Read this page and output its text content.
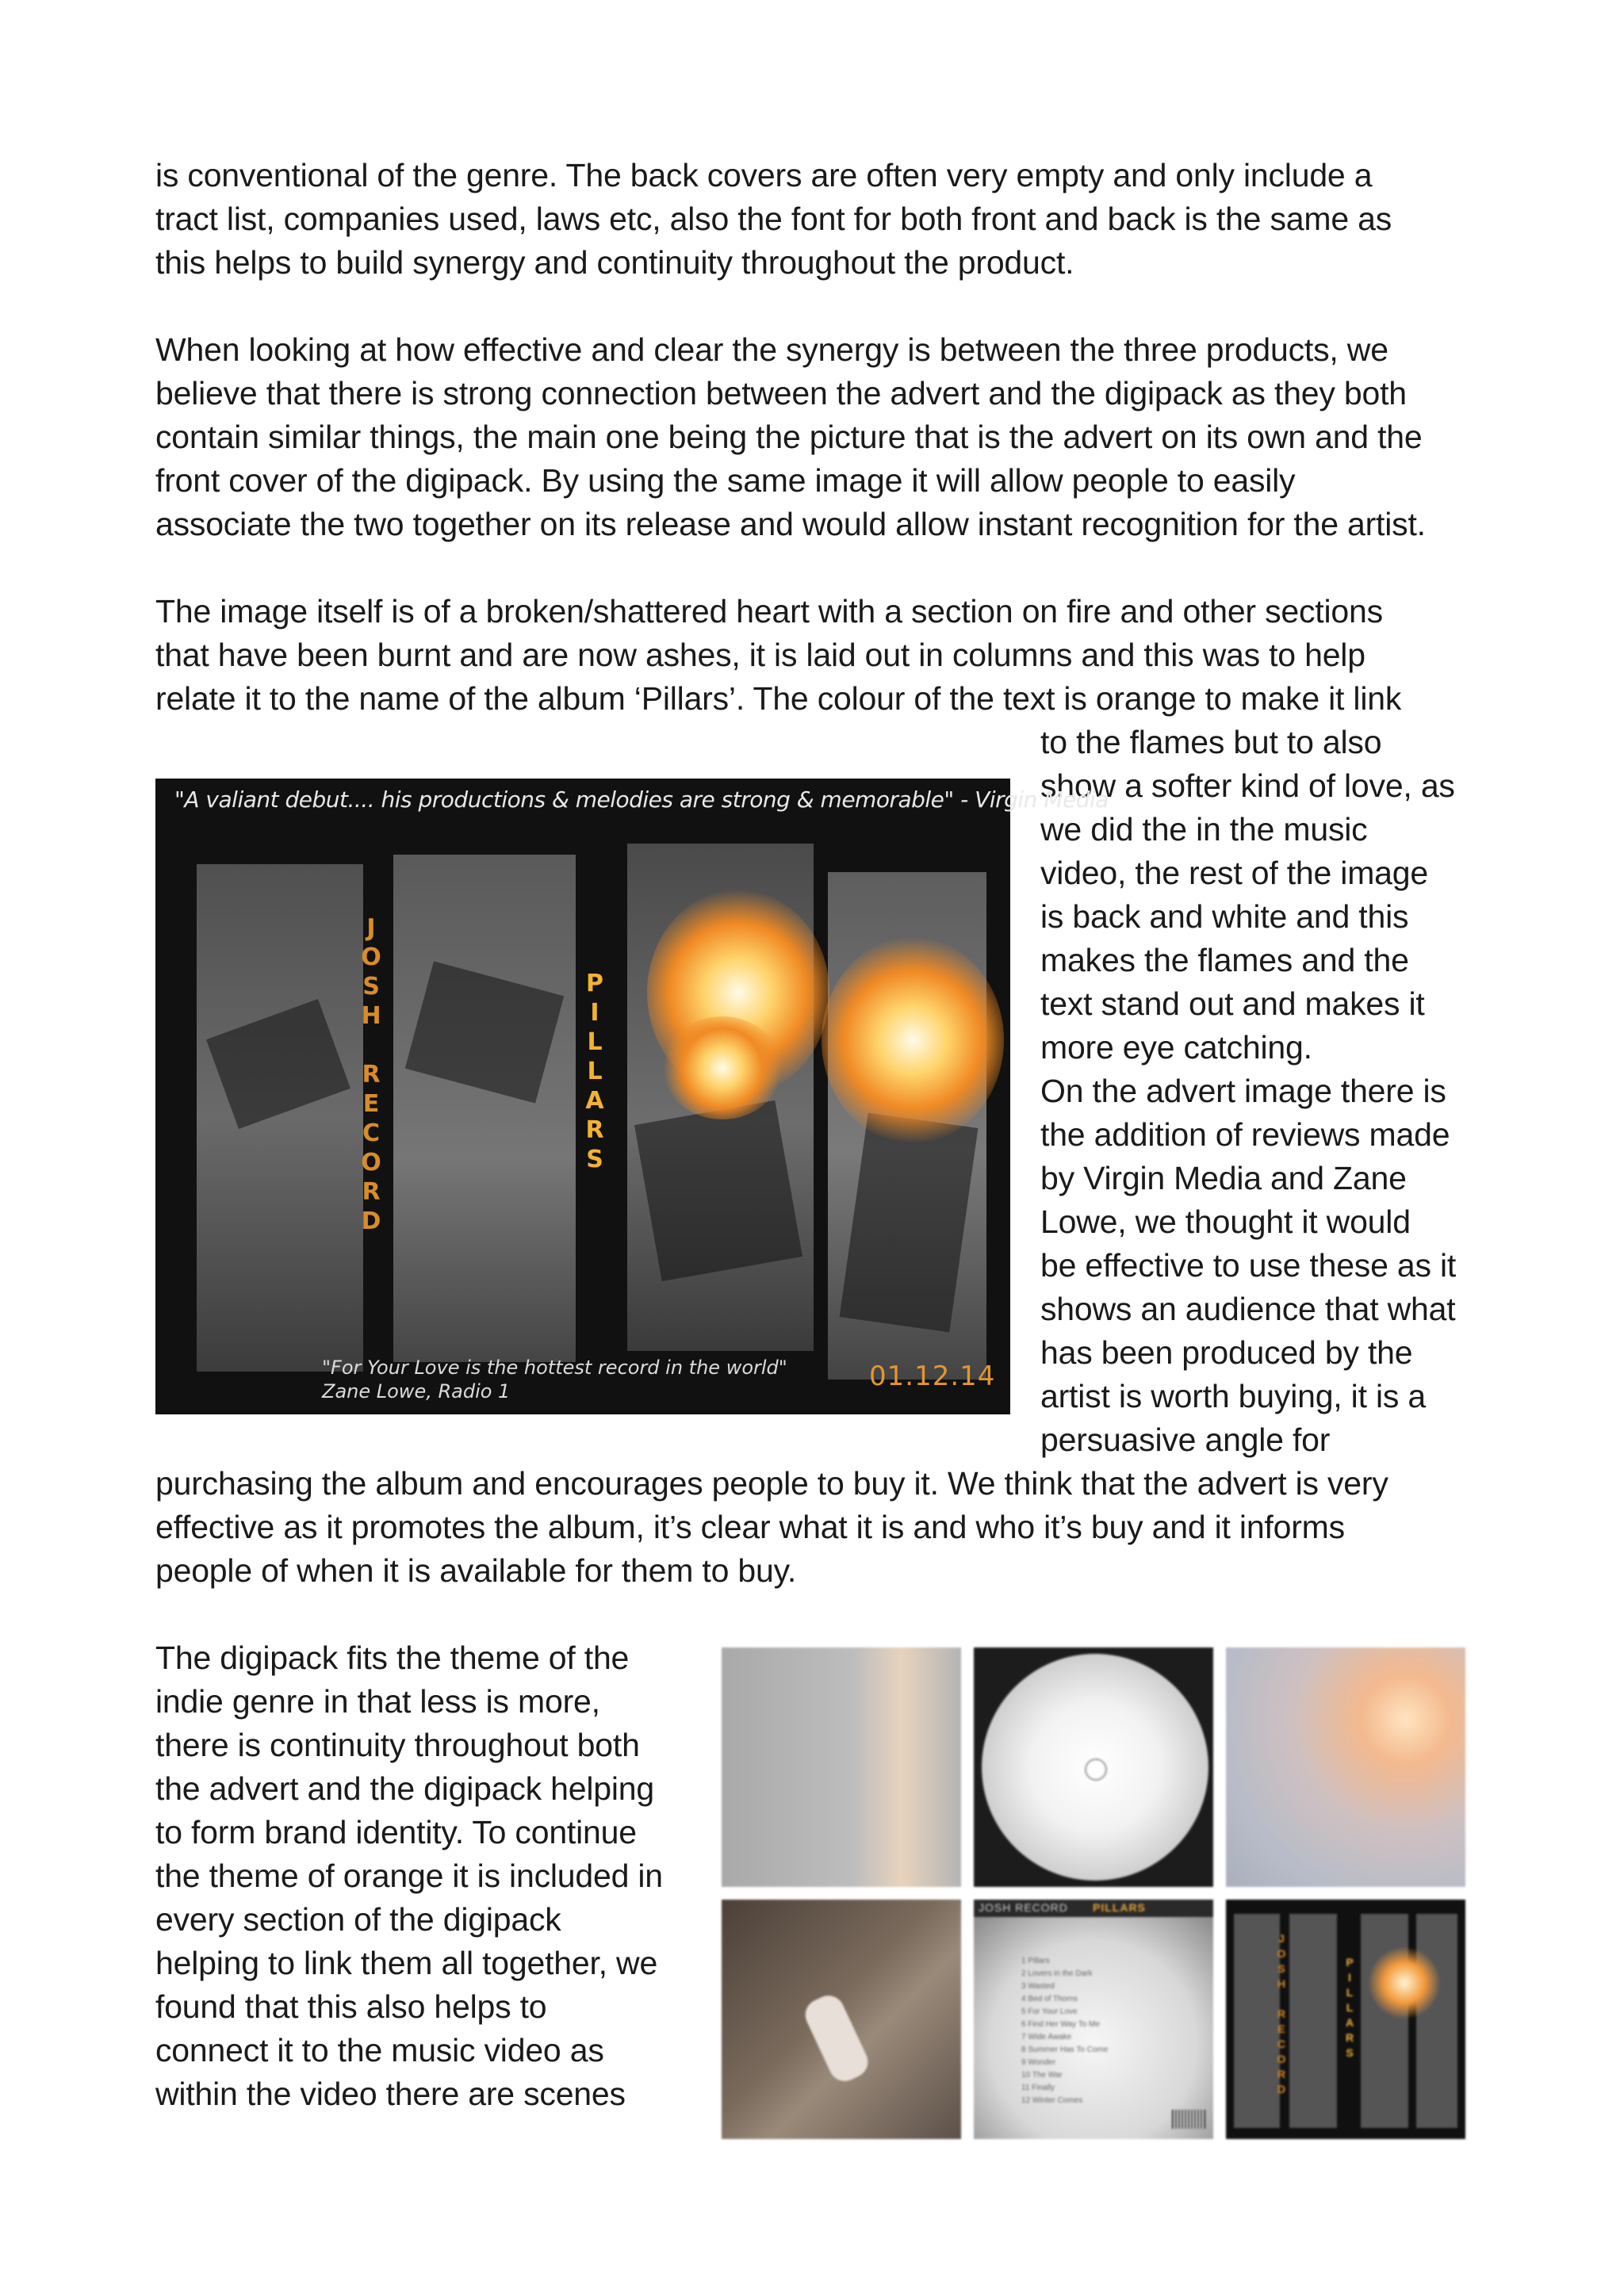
is conventional of the genre. The back covers are often very empty and only include a
tract list, companies used, laws etc, also the font for both front and back is the same as
this helps to build synergy and continuity throughout the product.
When looking at how effective and clear the synergy is between the three products, we
believe that there is strong connection between the advert and the digipack as they both
contain similar things, the main one being the picture that is the advert on its own and the
front cover of the digipack. By using the same image it will allow people to easily
associate the two together on its release and would allow instant recognition for the artist.
The image itself is of a broken/shattered heart with a section on fire and other sections
that have been burnt and are now ashes, it is laid out in columns and this was to help
relate it to the name of the album ‘Pillars’. The colour of the text is orange to make it link
to the flames but to also
show a softer kind of love, as
we did the in the music
video, the rest of the image
is back and white and this
makes the flames and the
text stand out and makes it
more eye catching.
On the advert image there is
the addition of reviews made
by Virgin Media and Zane
Lowe, we thought it would
be effective to use these as it
shows an audience that what
has been produced by the
artist is worth buying, it is a
persuasive angle for
purchasing the album and encourages people to buy it. We think that the advert is very
effective as it promotes the album, it’s clear what it is and who it’s buy and it informs
people of when it is available for them to buy.
"A valiant debut.... his productions & melodies are strong & memorable" - Virgin Media
J
O
S
H

R
E
C
O
R
D
P
I
L
L
A
R
S
"For Your Love is the hottest record in the world"
Zane Lowe, Radio 1	01.12.14
The digipack fits the theme of the
indie genre in that less is more,
there is continuity throughout both
the advert and the digipack helping
to form brand identity. To continue
the theme of orange it is included in
every section of the digipack
helping to link them all together, we
found that this also helps to
connect it to the music video as
within the video there are scenes
JOSH RECORD PILLARS
1 Pillars
2 Lovers in the Dark
3 Wasted
4 Bed of Thorns
5 For Your Love
6 Find Her Way To Me
7 Wide Awake
8 Summer Has To Come
9 Wonder
10 The War
11 Finally
12 Winter Comes
J
O
S
H

R
E
C
O
R
D
P
I
L
L
A
R
S
